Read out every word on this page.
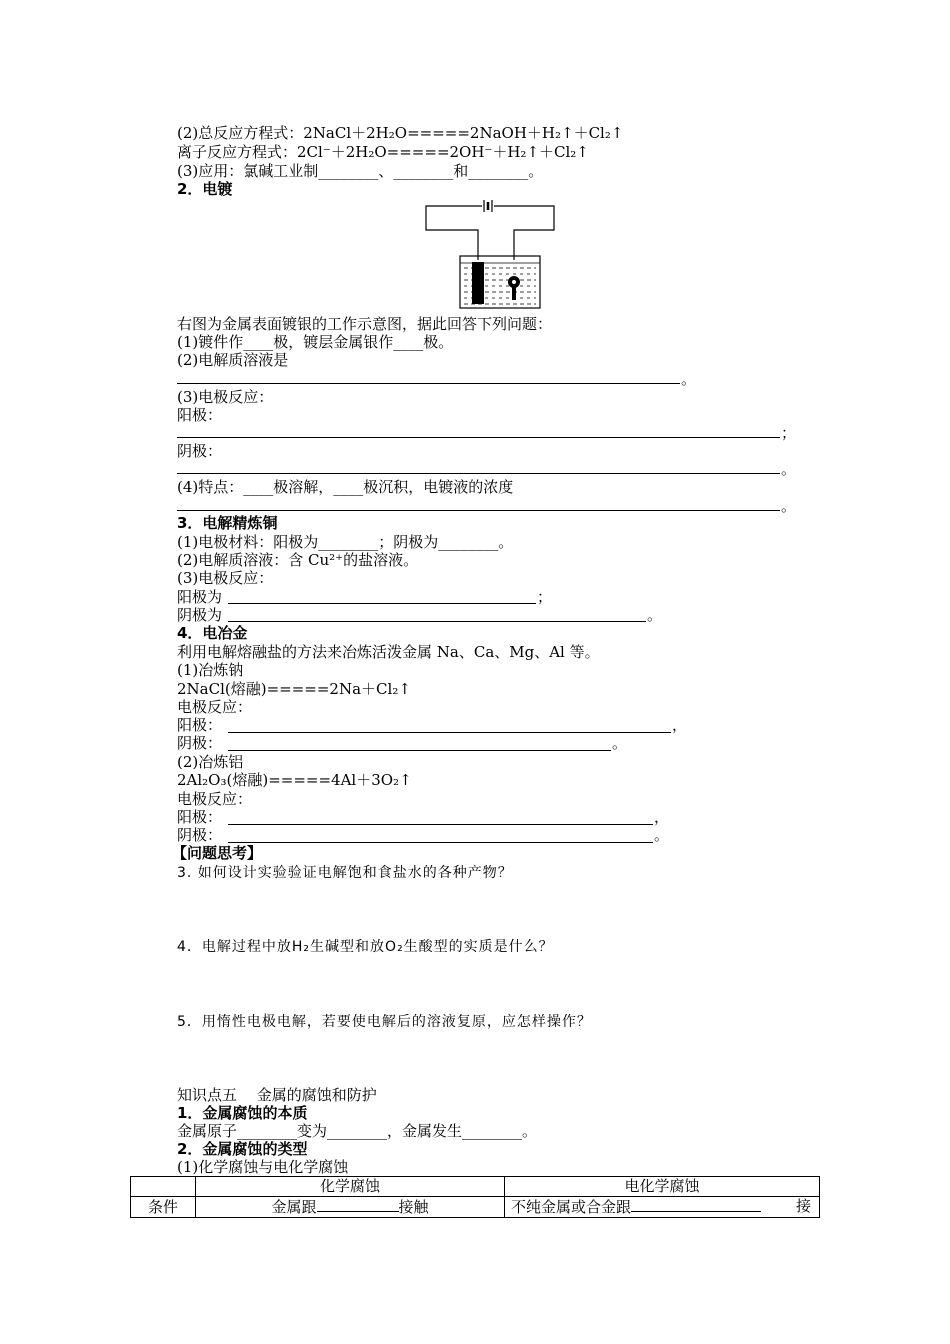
(2)总反应方程式：2NaCl＋2H₂O=====2NaOH＋H₂↑＋Cl₂↑
离子反应方程式：2Cl⁻＋2H₂O=====2OH⁻＋H₂↑＋Cl₂↑
(3)应用：氯碱工业制________、________和________。
2．电镀
右图为金属表面镀银的工作示意图，据此回答下列问题：
(1)镀件作____极，镀层金属银作____极。
(2)电解质溶液是
。
(3)电极反应：
阳极：
；
阴极：
。
(4)特点：____极溶解，____极沉积，电镀液的浓度
。
3．电解精炼铜
(1)电极材料：阳极为________；阴极为________。
(2)电解质溶液：含 Cu²⁺的盐溶液。
(3)电极反应：
阳极为	；
阴极为	。
4．电冶金
利用电解熔融盐的方法来冶炼活泼金属 Na、Ca、Mg、Al 等。
(1)冶炼钠
2NaCl(熔融)=====2Na＋Cl₂↑
电极反应：
阳极：	，
阴极：	。
(2)冶炼铝
2Al₂O₃(熔融)=====4Al＋3O₂↑
电极反应：
阳极：	，
阴极：	。
【问题思考】
3. 如何设计实验验证电解饱和食盐水的各种产物？
4．电解过程中放H₂生碱型和放O₂生酸型的实质是什么？
5．用惰性电极电解，若要使电解后的溶液复原，应怎样操作？
知识点五　 金属的腐蚀和防护
1．金属腐蚀的本质
金属原子________变为________，金属发生________。
2．金属腐蚀的类型
(1)化学腐蚀与电化学腐蚀
	化学腐蚀	电化学腐蚀
条件	金属跟 接触	不纯金属或合金跟 接
